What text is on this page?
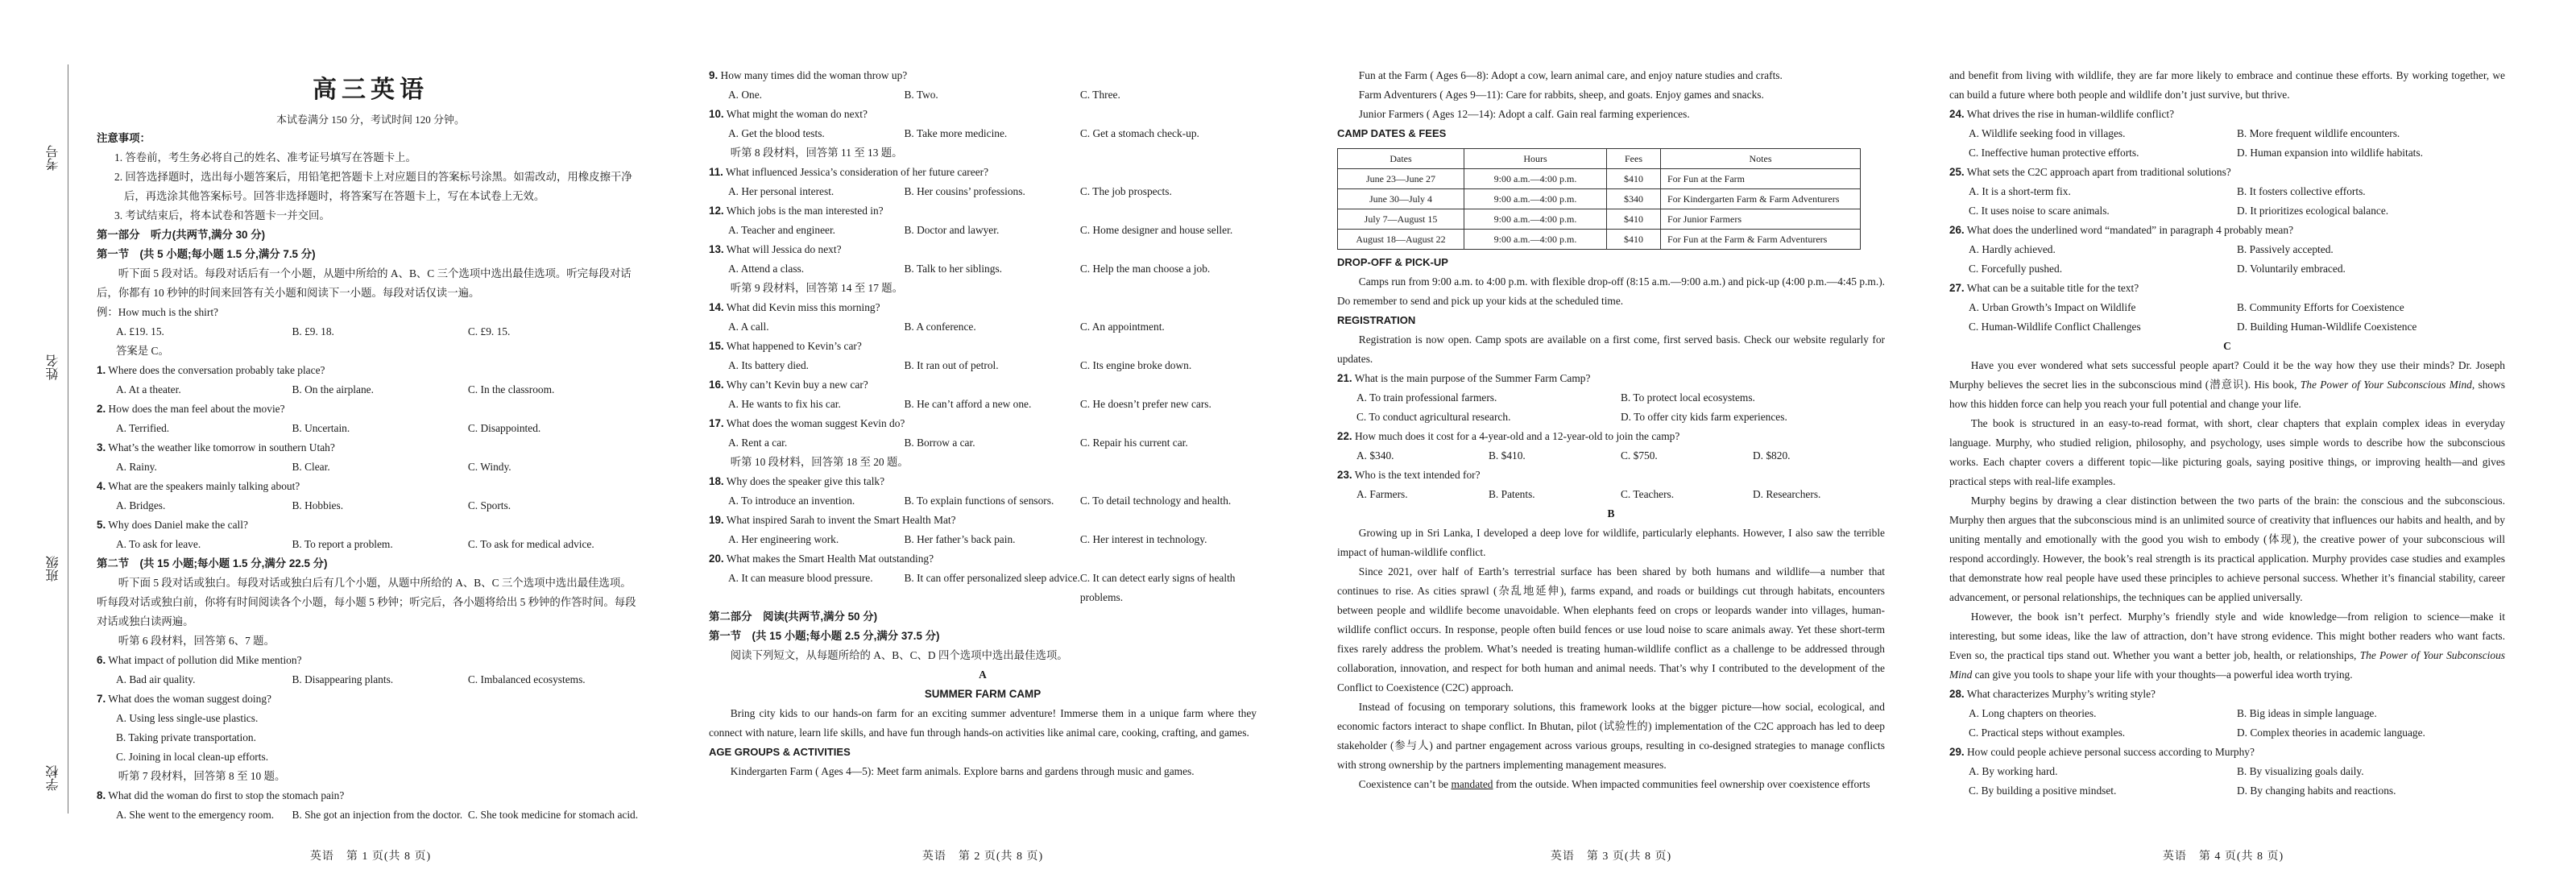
考号
姓名
班级
学校
高三英语
本试卷满分 150 分，考试时间 120 分钟。

注意事项：

1. 答卷前，考生务必将自己的姓名、准考证号填写在答题卡上。

2. 回答选择题时，选出每小题答案后，用铅笔把答题卡上对应题目的答案标号涂黑。如需改动，用橡皮擦干净

后，再选涂其他答案标号。回答非选择题时，将答案写在答题卡上，写在本试卷上无效。

3. 考试结束后，将本试卷和答题卡一并交回。

第一部分　听力(共两节,满分 30 分)

第一节　(共 5 小题;每小题 1.5 分,满分 7.5 分)

听下面 5 段对话。每段对话后有一个小题，从题中所给的 A、B、C 三个选项中选出最佳选项。听完每段对话

后，你都有 10 秒钟的时间来回答有关小题和阅读下一小题。每段对话仅读一遍。

例：How much is the shirt?

A. £19. 15.	B. £9. 18.	C. £9. 15.

答案是 C。

1. Where does the conversation probably take place?

A. At a theater.	B. On the airplane.	C. In the classroom.

2. How does the man feel about the movie?

A. Terrified.	B. Uncertain.	C. Disappointed.

3. What’s the weather like tomorrow in southern Utah?

A. Rainy.	B. Clear.	C. Windy.

4. What are the speakers mainly talking about?

A. Bridges.	B. Hobbies.	C. Sports.

5. Why does Daniel make the call?

A. To ask for leave.	B. To report a problem.	C. To ask for medical advice.

第二节　(共 15 小题;每小题 1.5 分,满分 22.5 分)

听下面 5 段对话或独白。每段对话或独白后有几个小题，从题中所给的 A、B、C 三个选项中选出最佳选项。

听每段对话或独白前，你将有时间阅读各个小题，每小题 5 秒钟；听完后，各小题将给出 5 秒钟的作答时间。每段

对话或独白读两遍。

听第 6 段材料，回答第 6、7 题。

6. What impact of pollution did Mike mention?

A. Bad air quality.	B. Disappearing plants.	C. Imbalanced ecosystems.

7. What does the woman suggest doing?

A. Using less single-use plastics.

B. Taking private transportation.

C. Joining in local clean-up efforts.

听第 7 段材料，回答第 8 至 10 题。

8. What did the woman do first to stop the stomach pain?

A. She went to the emergency room.	B. She got an injection from the doctor. C. She took medicine for stomach acid.
英语　第 1 页(共 8 页)

9. How many times did the woman throw up?

A. One.	B. Two.	C. Three.

10. What might the woman do next?

A. Get the blood tests.	B. Take more medicine.	C. Get a stomach check-up.

听第 8 段材料，回答第 11 至 13 题。

11. What influenced Jessica’s consideration of her future career?

A. Her personal interest.	B. Her cousins’ professions.	C. The job prospects.

12. Which jobs is the man interested in?

A. Teacher and engineer.	B. Doctor and lawyer.	C. Home designer and house seller.

13. What will Jessica do next?

A. Attend a class.	B. Talk to her siblings.	C. Help the man choose a job.

听第 9 段材料，回答第 14 至 17 题。

14. What did Kevin miss this morning?

A. A call.	B. A conference.	C. An appointment.

15. What happened to Kevin’s car?

A. Its battery died.	B. It ran out of petrol.	C. Its engine broke down.

16. Why can’t Kevin buy a new car?

A. He wants to fix his car.	B. He can’t afford a new one.	C. He doesn’t prefer new cars.

17. What does the woman suggest Kevin do?

A. Rent a car.	B. Borrow a car.	C. Repair his current car.

听第 10 段材料，回答第 18 至 20 题。

18. Why does the speaker give this talk?

A. To introduce an invention.	B. To explain functions of sensors.	C. To detail technology and health.

19. What inspired Sarah to invent the Smart Health Mat?

A. Her engineering work.	B. Her father’s back pain.	C. Her interest in technology.

20. What makes the Smart Health Mat outstanding?

A. It can measure blood pressure.	B. It can offer personalized sleep advice. C. It can detect early signs of health problems.

第二部分　阅读(共两节,满分 50 分)

第一节　(共 15 小题;每小题 2.5 分,满分 37.5 分)

阅读下列短文，从每题所给的 A、B、C、D 四个选项中选出最佳选项。

A

SUMMER FARM CAMP

Bring city kids to our hands-on farm for an exciting summer adventure! Immerse them in a unique farm where they connect with nature, learn life skills, and have fun through hands-on activities like animal care, cooking, crafting, and games.

AGE GROUPS & ACTIVITIES

Kindergarten Farm ( Ages 4—5): Meet farm animals. Explore barns and gardens through music and games.

英语　第 2 页(共 8 页)

Fun at the Farm ( Ages 6—8): Adopt a cow, learn animal care, and enjoy nature studies and crafts.

Farm Adventurers ( Ages 9—11): Care for rabbits, sheep, and goats. Enjoy games and snacks.

Junior Farmers ( Ages 12—14): Adopt a calf. Gain real farming experiences.

CAMP DATES & FEES

Dates	Hours	Fees	Notes
June 23—June 27	9:00 a.m.—4:00 p.m.	$410	For Fun at the Farm
June 30—July 4	9:00 a.m.—4:00 p.m.	$340	For Kindergarten Farm & Farm Adventurers
July 7—August 15	9:00 a.m.—4:00 p.m.	$410	For Junior Farmers
August 18—August 22	9:00 a.m.—4:00 p.m.	$410	For Fun at the Farm & Farm Adventurers

DROP-OFF & PICK-UP

Camps run from 9:00 a.m. to 4:00 p.m. with flexible drop-off (8:15 a.m.—9:00 a.m.) and pick-up (4:00 p.m.—4:45 p.m.). Do remember to send and pick up your kids at the scheduled time.

REGISTRATION

Registration is now open. Camp spots are available on a first come, first served basis. Check our website regularly for updates.

21. What is the main purpose of the Summer Farm Camp?

A. To train professional farmers.	B. To protect local ecosystems.
C. To conduct agricultural research.	D. To offer city kids farm experiences.

22. How much does it cost for a 4-year-old and a 12-year-old to join the camp?

A. $340.	B. $410.	C. $750.	D. $820.

23. Who is the text intended for?

A. Farmers.	B. Patents.	C. Teachers.	D. Researchers.

B

Growing up in Sri Lanka, I developed a deep love for wildlife, particularly elephants. However, I also saw the terrible impact of human-wildlife conflict.

Since 2021, over half of Earth’s terrestrial surface has been shared by both humans and wildlife—a number that continues to rise. As cities sprawl (杂乱地延伸), farms expand, and roads or buildings cut through habitats, encounters between people and wildlife become unavoidable. When elephants feed on crops or leopards wander into villages, human-wildlife conflict occurs. In response, people often build fences or use loud noise to scare animals away. Yet these short-term fixes rarely address the problem. What’s needed is treating human-wildlife conflict as a challenge to be addressed through collaboration, innovation, and respect for both human and animal needs. That’s why I contributed to the development of the Conflict to Coexistence (C2C) approach.

Instead of focusing on temporary solutions, this framework looks at the bigger picture—how social, ecological, and economic factors interact to shape conflict. In Bhutan, pilot (试验性的) implementation of the C2C approach has led to deep stakeholder (参与人) and partner engagement across various groups, resulting in co-designed strategies to manage conflicts with strong ownership by the partners implementing management measures.

Coexistence can’t be mandated from the outside. When impacted communities feel ownership over coexistence efforts

英语　第 3 页(共 8 页)

and benefit from living with wildlife, they are far more likely to embrace and continue these efforts. By working together, we can build a future where both people and wildlife don’t just survive, but thrive.

24. What drives the rise in human-wildlife conflict?

A. Wildlife seeking food in villages.	B. More frequent wildlife encounters.
C. Ineffective human protective efforts.	D. Human expansion into wildlife habitats.

25. What sets the C2C approach apart from traditional solutions?

A. It is a short-term fix.	B. It fosters collective efforts.
C. It uses noise to scare animals.	D. It prioritizes ecological balance.

26. What does the underlined word “mandated” in paragraph 4 probably mean?

A. Hardly achieved.	B. Passively accepted.
C. Forcefully pushed.	D. Voluntarily embraced.

27. What can be a suitable title for the text?

A. Urban Growth’s Impact on Wildlife	B. Community Efforts for Coexistence
C. Human-Wildlife Conflict Challenges	D. Building Human-Wildlife Coexistence

C

Have you ever wondered what sets successful people apart? Could it be the way how they use their minds? Dr. Joseph Murphy believes the secret lies in the subconscious mind (潜意识). His book, The Power of Your Subconscious Mind, shows how this hidden force can help you reach your full potential and change your life.

The book is structured in an easy-to-read format, with short, clear chapters that explain complex ideas in everyday language. Murphy, who studied religion, philosophy, and psychology, uses simple words to describe how the subconscious works. Each chapter covers a different topic—like picturing goals, saying positive things, or improving health—and gives practical steps with real-life examples.

Murphy begins by drawing a clear distinction between the two parts of the brain: the conscious and the subconscious. Murphy then argues that the subconscious mind is an unlimited source of creativity that influences our habits and health, and by uniting mentally and emotionally with the good you wish to embody (体现), the creative power of your subconscious will respond accordingly. However, the book’s real strength is its practical application. Murphy provides case studies and examples that demonstrate how real people have used these principles to achieve personal success. Whether it’s financial stability, career advancement, or personal relationships, the techniques can be applied universally.

However, the book isn’t perfect. Murphy’s friendly style and wide knowledge—from religion to science—make it interesting, but some ideas, like the law of attraction, don’t have strong evidence. This might bother readers who want facts. Even so, the practical tips stand out. Whether you want a better job, health, or relationships, The Power of Your Subconscious Mind can give you tools to shape your life with your thoughts—a powerful idea worth trying.

28. What characterizes Murphy’s writing style?

A. Long chapters on theories.	B. Big ideas in simple language.
C. Practical steps without examples.	D. Complex theories in academic language.

29. How could people achieve personal success according to Murphy?

A. By working hard.	B. By visualizing goals daily.
C. By building a positive mindset.	D. By changing habits and reactions.
英语　第 4 页(共 8 页)
